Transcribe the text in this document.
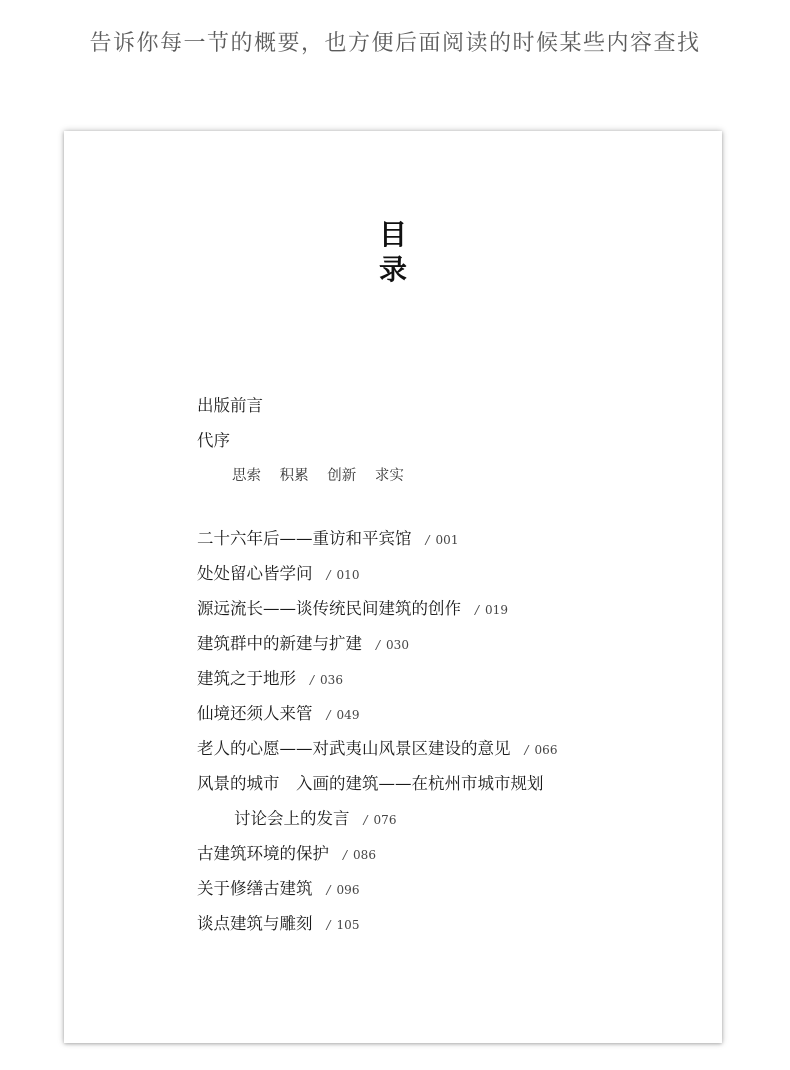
告诉你每一节的概要，也方便后面阅读的时候某些内容查找
目
录
出版前言
代序
思索 积累 创新 求实
二十六年后——重访和平宾馆 / 001
处处留心皆学问 / 010
源远流长——谈传统民间建筑的创作 / 019
建筑群中的新建与扩建 / 030
建筑之于地形 / 036
仙境还须人来管 / 049
老人的心愿——对武夷山风景区建设的意见 / 066
风景的城市　入画的建筑——在杭州市城市规划
讨论会上的发言 / 076
古建筑环境的保护 / 086
关于修缮古建筑 / 096
谈点建筑与雕刻 / 105
